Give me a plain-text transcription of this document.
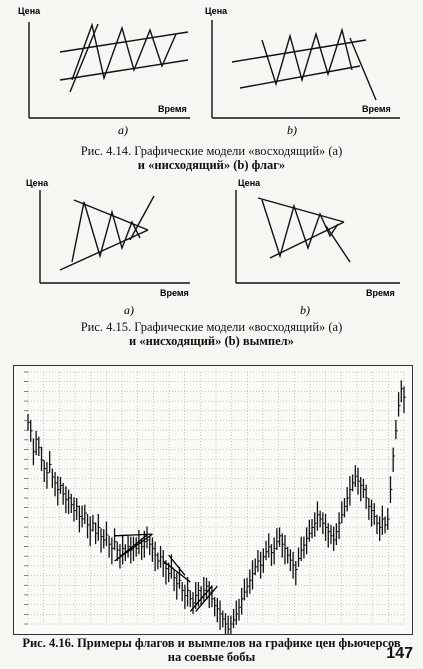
Цена
Время
a)
Цена
Время
b)
Рис. 4.14. Графические модели «восходящий» (a)
и «нисходящий» (b) флаг»
Цена
Время
a)
Цена
Время
b)
Рис. 4.15. Графические модели «восходящий» (a)
и «нисходящий» (b) вымпел»
Рис. 4.16. Примеры флагов и вымпелов на графике цен фьючерсов
на соевые бобы	147
